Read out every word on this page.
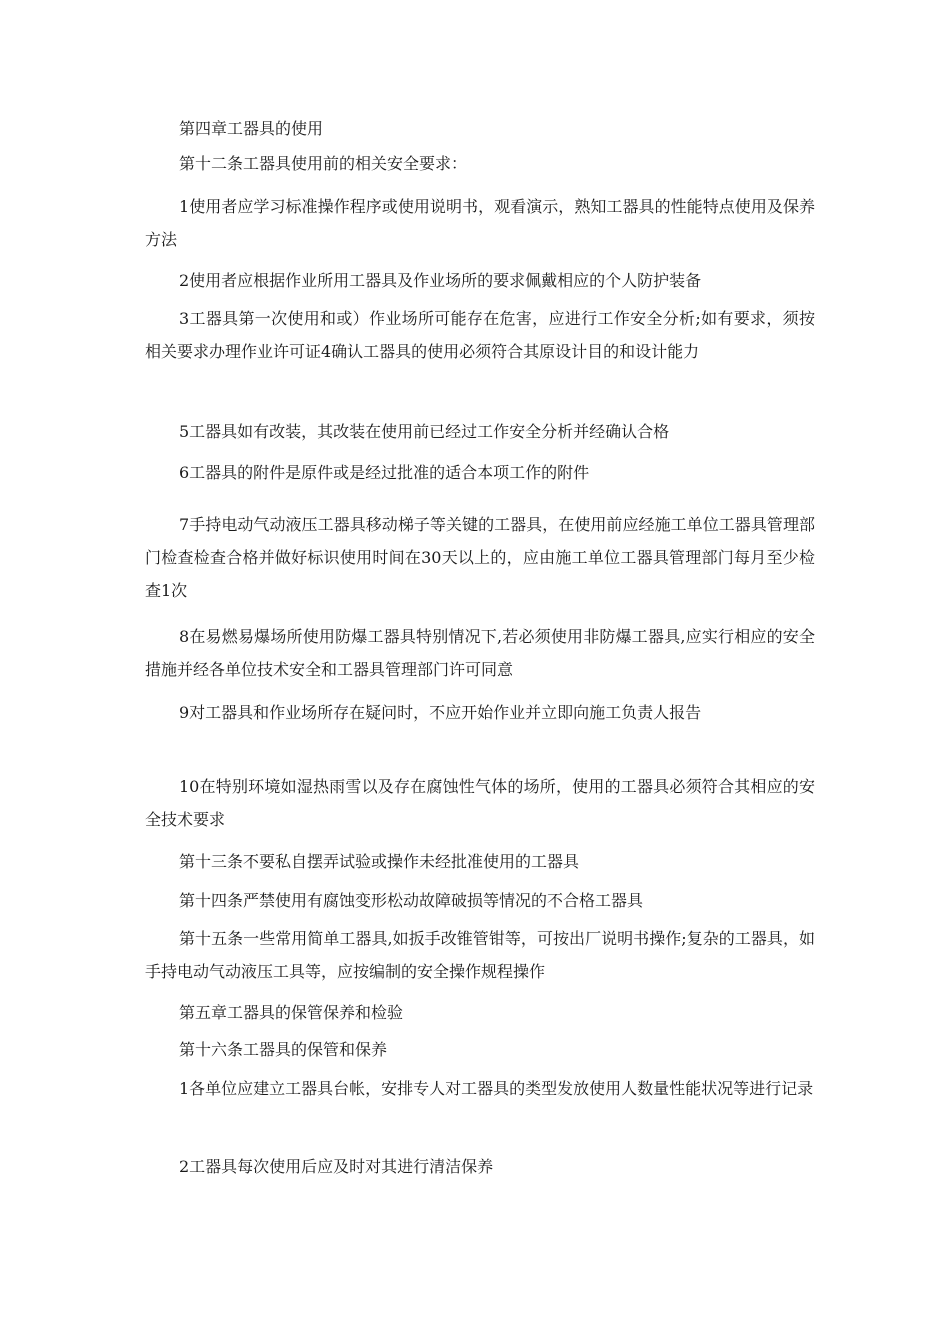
第四章工器具的使用

第十二条工器具使用前的相关安全要求：

1使用者应学习标准操作程序或使用说明书，观看演示，熟知工器具的性能特点使用及保养方法

2使用者应根据作业所用工器具及作业场所的要求佩戴相应的个人防护装备

3工器具第一次使用和或）作业场所可能存在危害，应进行工作安全分析;如有要求，须按相关要求办理作业许可证4确认工器具的使用必须符合其原设计目的和设计能力

5工器具如有改装，其改装在使用前已经过工作安全分析并经确认合格

6工器具的附件是原件或是经过批准的适合本项工作的附件

7手持电动气动液压工器具移动梯子等关键的工器具，在使用前应经施工单位工器具管理部门检查检查合格并做好标识使用时间在30天以上的，应由施工单位工器具管理部门每月至少检查1次

8在易燃易爆场所使用防爆工器具特别情况下,若必须使用非防爆工器具,应实行相应的安全措施并经各单位技术安全和工器具管理部门许可同意

9对工器具和作业场所存在疑问时，不应开始作业并立即向施工负责人报告

10在特别环境如湿热雨雪以及存在腐蚀性气体的场所，使用的工器具必须符合其相应的安全技术要求

第十三条不要私自摆弄试验或操作未经批准使用的工器具

第十四条严禁使用有腐蚀变形松动故障破损等情况的不合格工器具

第十五条一些常用简单工器具,如扳手改锥管钳等，可按出厂说明书操作;复杂的工器具，如手持电动气动液压工具等，应按编制的安全操作规程操作

第五章工器具的保管保养和检验

第十六条工器具的保管和保养

1各单位应建立工器具台帐，安排专人对工器具的类型发放使用人数量性能状况等进行记录

2工器具每次使用后应及时对其进行清洁保养
